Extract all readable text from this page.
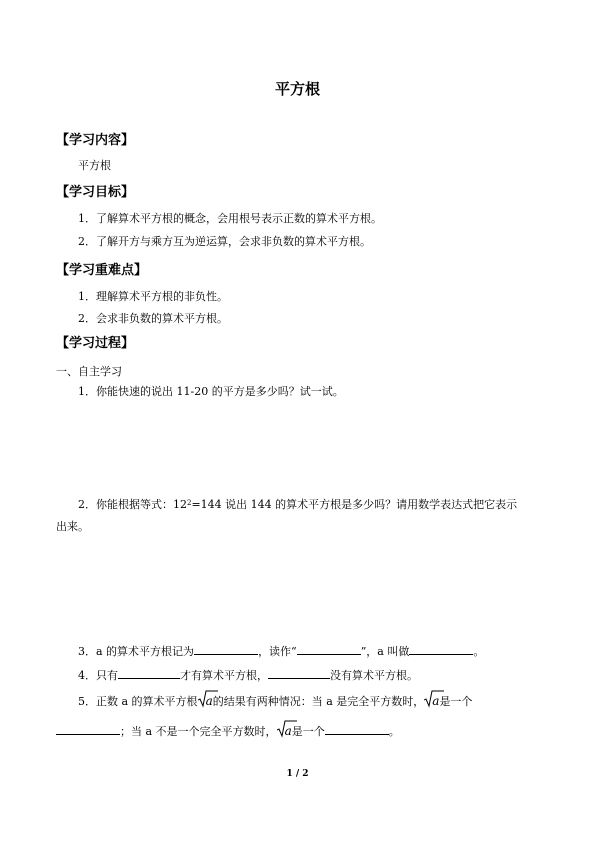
平方根
【学习内容】
平方根
【学习目标】
1．了解算术平方根的概念，会用根号表示正数的算术平方根。
2．了解开方与乘方互为逆运算，会求非负数的算术平方根。
【学习重难点】
1．理解算术平方根的非负性。
2．会求非负数的算术平方根。
【学习过程】
一、自主学习
1．你能快速的说出 11-20 的平方是多少吗？试一试。
2．你能根据等式：$12^2=144$ 说出 144 的算术平方根是多少吗？请用数学表达式把它表示
出来。
3．a 的算术平方根记为	，读作“	”，a 叫做	。
4．只有	才有算术平方根，	没有算术平方根。
5．正数 a 的算术平方根 a的结果有两种情况：当 a 是完全平方数时， a是一个
；当 a 不是一个完全平方数时， a是一个	。
1 / 2
